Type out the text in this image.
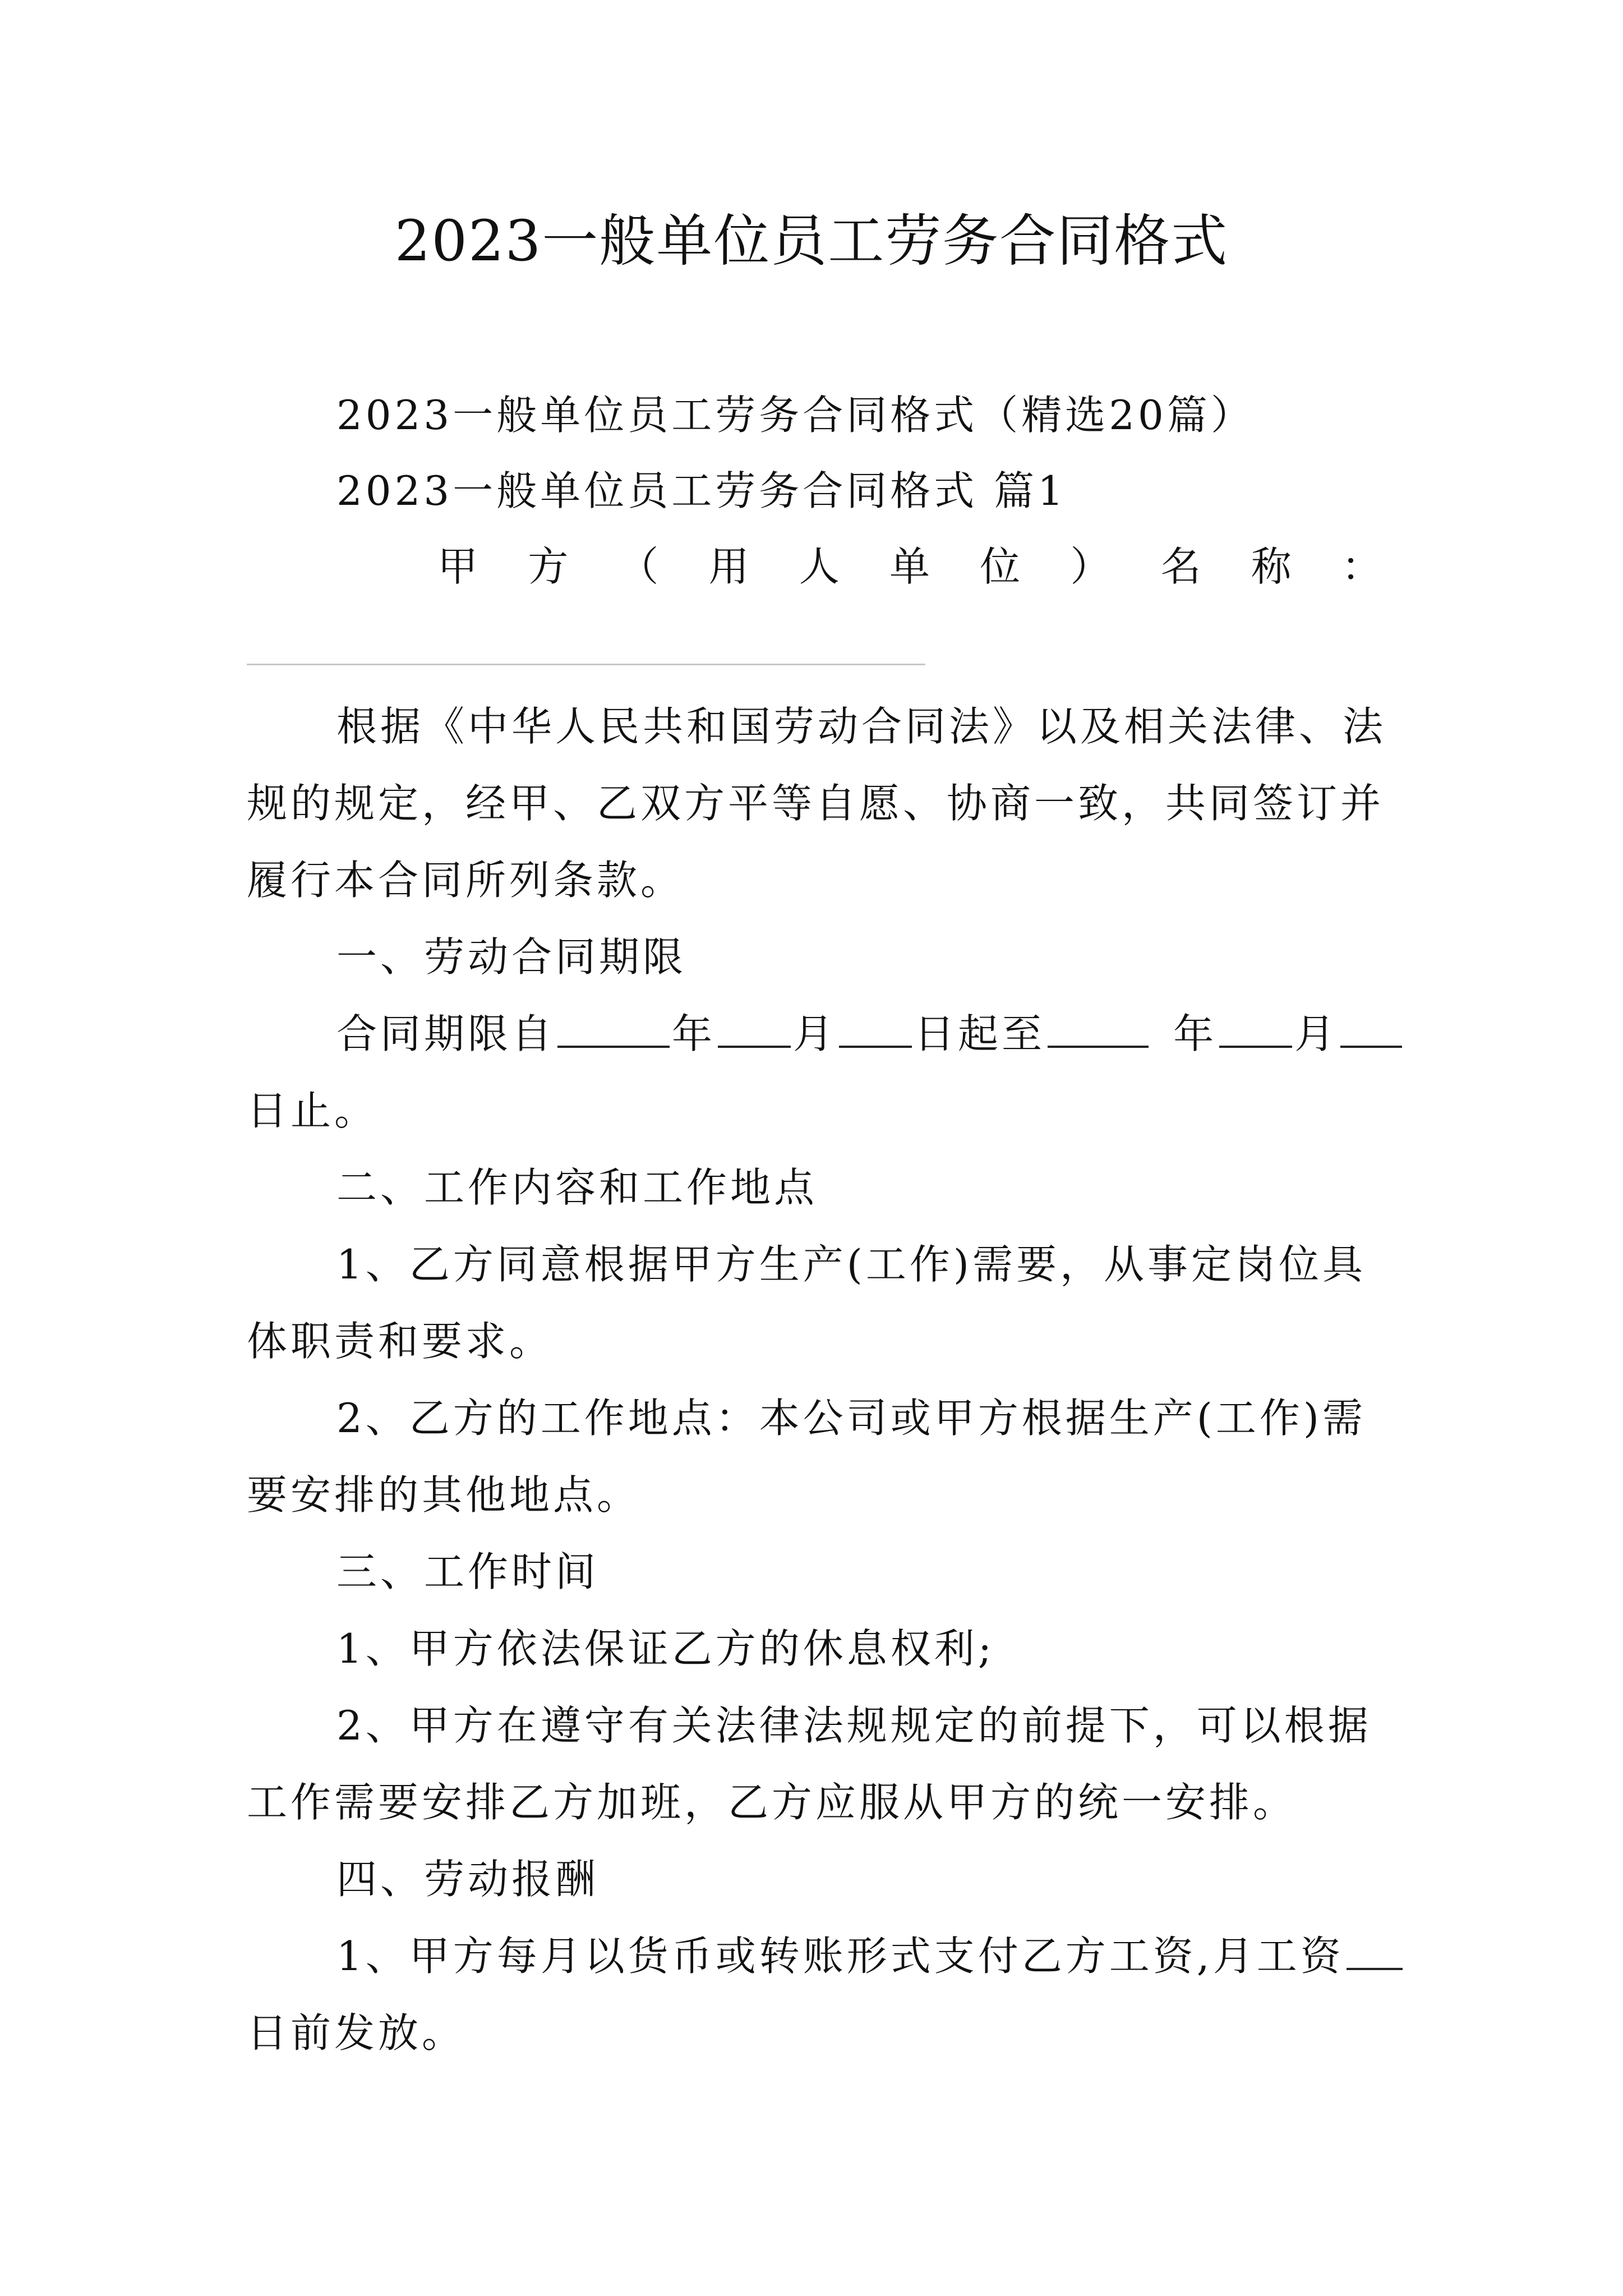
2023一般单位员工劳务合同格式
2023一般单位员工劳务合同格式（精选20篇）
2023一般单位员工劳务合同格式 篇1
甲 方 （ 用 人 单 位 ） 名 称 ：
根据《中华人民共和国劳动合同法》以及相关法律、法
规的规定，经甲、乙双方平等自愿、协商一致，共同签订并
履行本合同所列条款。
一、劳动合同期限
合同期限自	年 月 日起至	年 月
日止。
二、工作内容和工作地点
1、乙方同意根据甲方生产(工作)需要，从事定岗位具
体职责和要求。
2、乙方的工作地点：本公司或甲方根据生产(工作)需
要安排的其他地点。
三、工作时间
1、甲方依法保证乙方的休息权利;
2、甲方在遵守有关法律法规规定的前提下，可以根据
工作需要安排乙方加班，乙方应服从甲方的统一安排。
四、劳动报酬
1、甲方每月以货币或转账形式支付乙方工资,月工资
日前发放。
